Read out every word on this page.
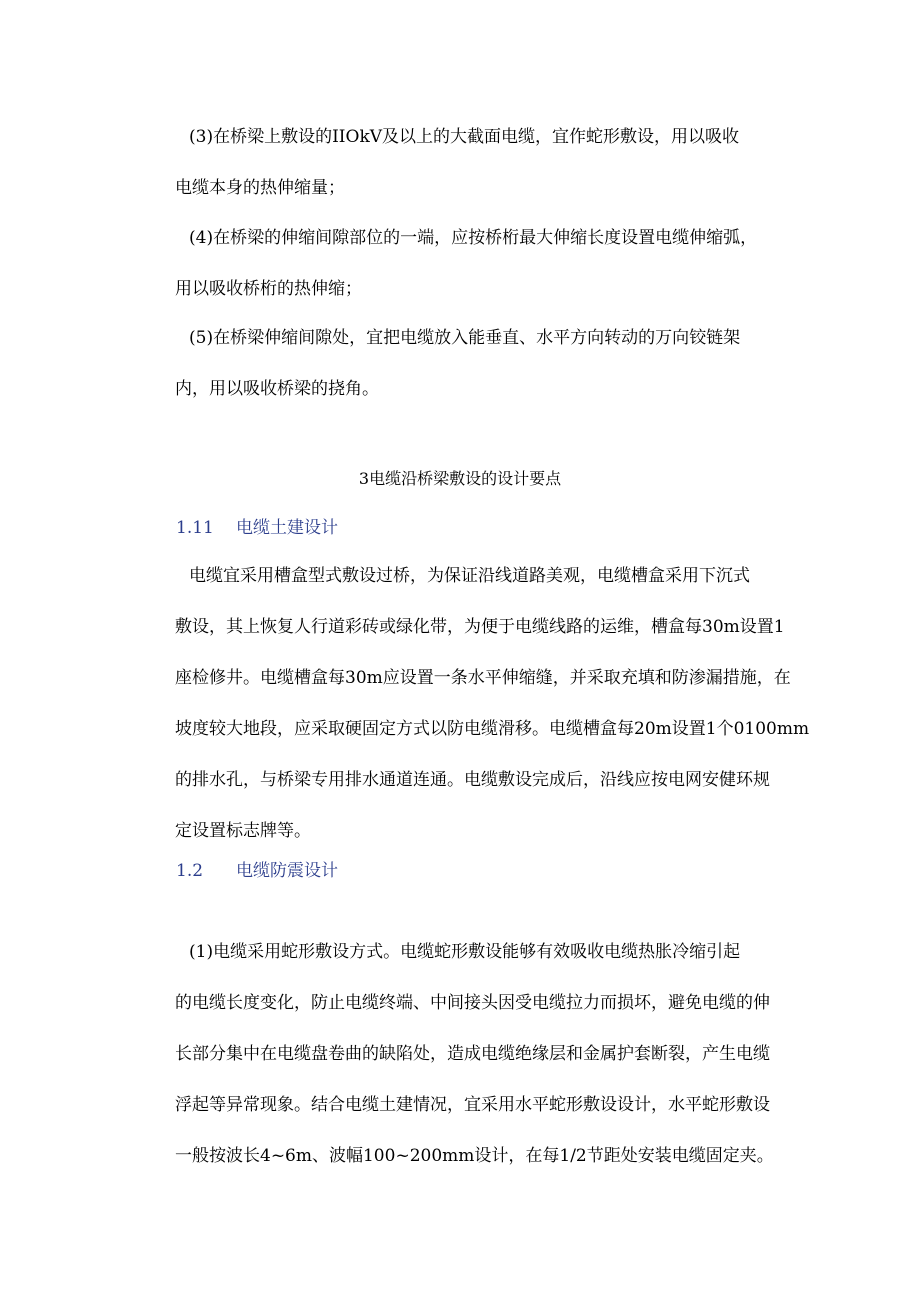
(3)在桥梁上敷设的IIOkV及以上的大截面电缆，宜作蛇形敷设，用以吸收
电缆本身的热伸缩量；
(4)在桥梁的伸缩间隙部位的一端，应按桥桁最大伸缩长度设置电缆伸缩弧，
用以吸收桥桁的热伸缩；
(5)在桥梁伸缩间隙处，宜把电缆放入能垂直、水平方向转动的万向铰链架
内，用以吸收桥梁的挠角。
3电缆沿桥梁敷设的设计要点
1.11 电缆土建设计
电缆宜采用槽盒型式敷设过桥，为保证沿线道路美观，电缆槽盒采用下沉式
敷设，其上恢复人行道彩砖或绿化带，为便于电缆线路的运维，槽盒每30m设置1
座检修井。电缆槽盒每30m应设置一条水平伸缩缝，并采取充填和防渗漏措施，在
坡度较大地段，应采取硬固定方式以防电缆滑移。电缆槽盒每20m设置1个0100mm
的排水孔，与桥梁专用排水通道连通。电缆敷设完成后，沿线应按电网安健环规
定设置标志牌等。
1.2 电缆防震设计
(1)电缆采用蛇形敷设方式。电缆蛇形敷设能够有效吸收电缆热胀冷缩引起
的电缆长度变化，防止电缆终端、中间接头因受电缆拉力而损坏，避免电缆的伸
长部分集中在电缆盘卷曲的缺陷处，造成电缆绝缘层和金属护套断裂，产生电缆
浮起等异常现象。结合电缆土建情况，宜采用水平蛇形敷设设计，水平蛇形敷设
一般按波长4~6m、波幅100~200mm设计，在每1/2节距处安装电缆固定夹。
